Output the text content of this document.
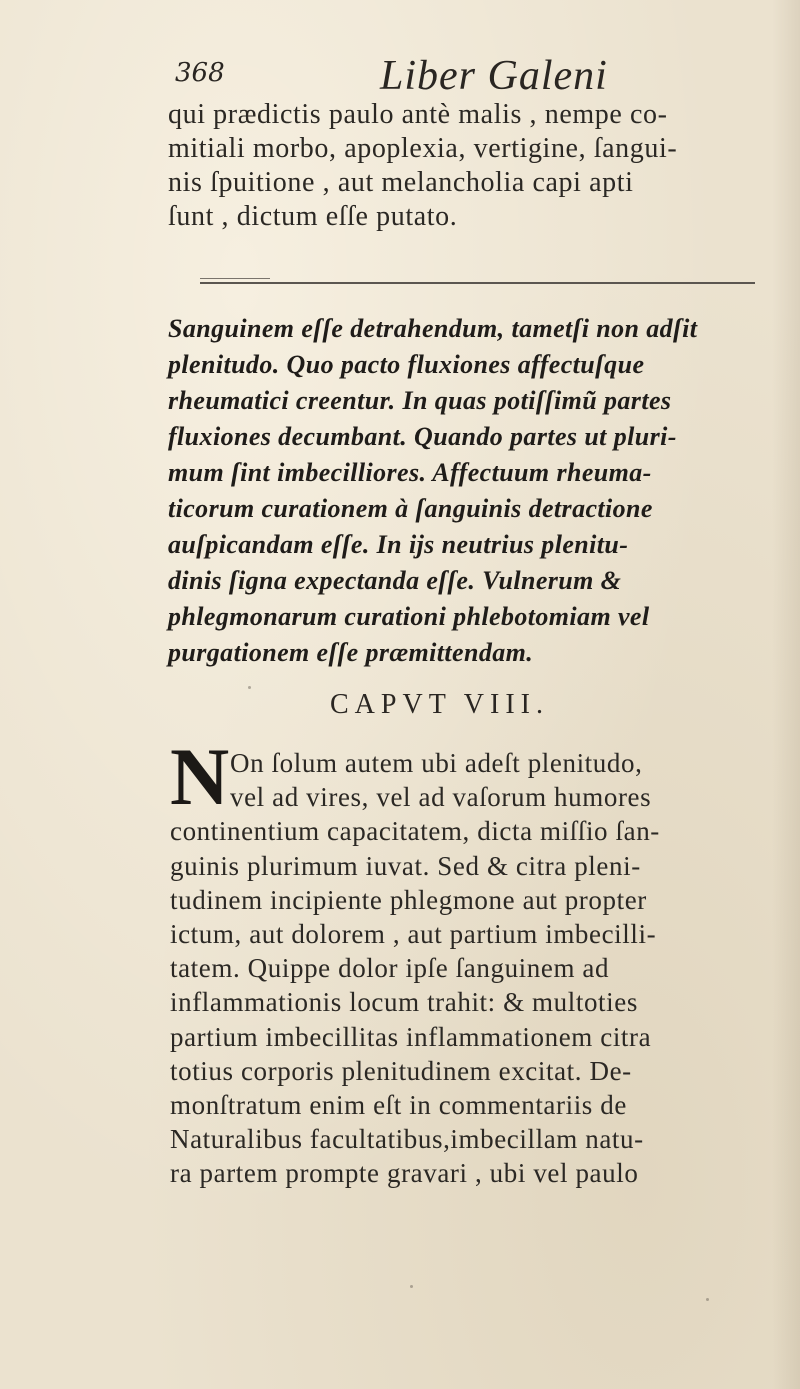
368	Liber Galeni
qui prædictis paulo antè malis , nempe co-
mitiali morbo, apoplexia, vertigine, ſangui-
nis ſpuitione , aut melancholia capi apti
ſunt , dictum eſſe putato.
Sanguinem eſſe detrahendum, tametſi non adſit
plenitudo. Quo pacto fluxiones affectuſque
rheumatici creentur. In quas potiſſimũ partes
fluxiones decumbant. Quando partes ut pluri-
mum ſint imbecilliores. Affectuum rheuma-
ticorum curationem à ſanguinis detractione
auſpicandam eſſe. In ijs neutrius plenitu-
dinis ſigna expectanda eſſe. Vulnerum &
phlegmonarum curationi phlebotomiam vel
purgationem eſſe præmittendam.
CAPVT VIII.
N On ſolum autem ubi adeſt plenitudo,
vel ad vires, vel ad vaſorum humores
continentium capacitatem, dicta miſſio ſan-
guinis plurimum iuvat. Sed & citra pleni-
tudinem incipiente phlegmone aut propter
ictum, aut dolorem , aut partium imbecilli-
tatem. Quippe dolor ipſe ſanguinem ad
inflammationis locum trahit: & multoties
partium imbecillitas inflammationem citra
totius corporis plenitudinem excitat. De-
monſtratum enim eſt in commentariis de
Naturalibus facultatibus,imbecillam natu-
ra partem prompte gravari , ubi vel paulo
